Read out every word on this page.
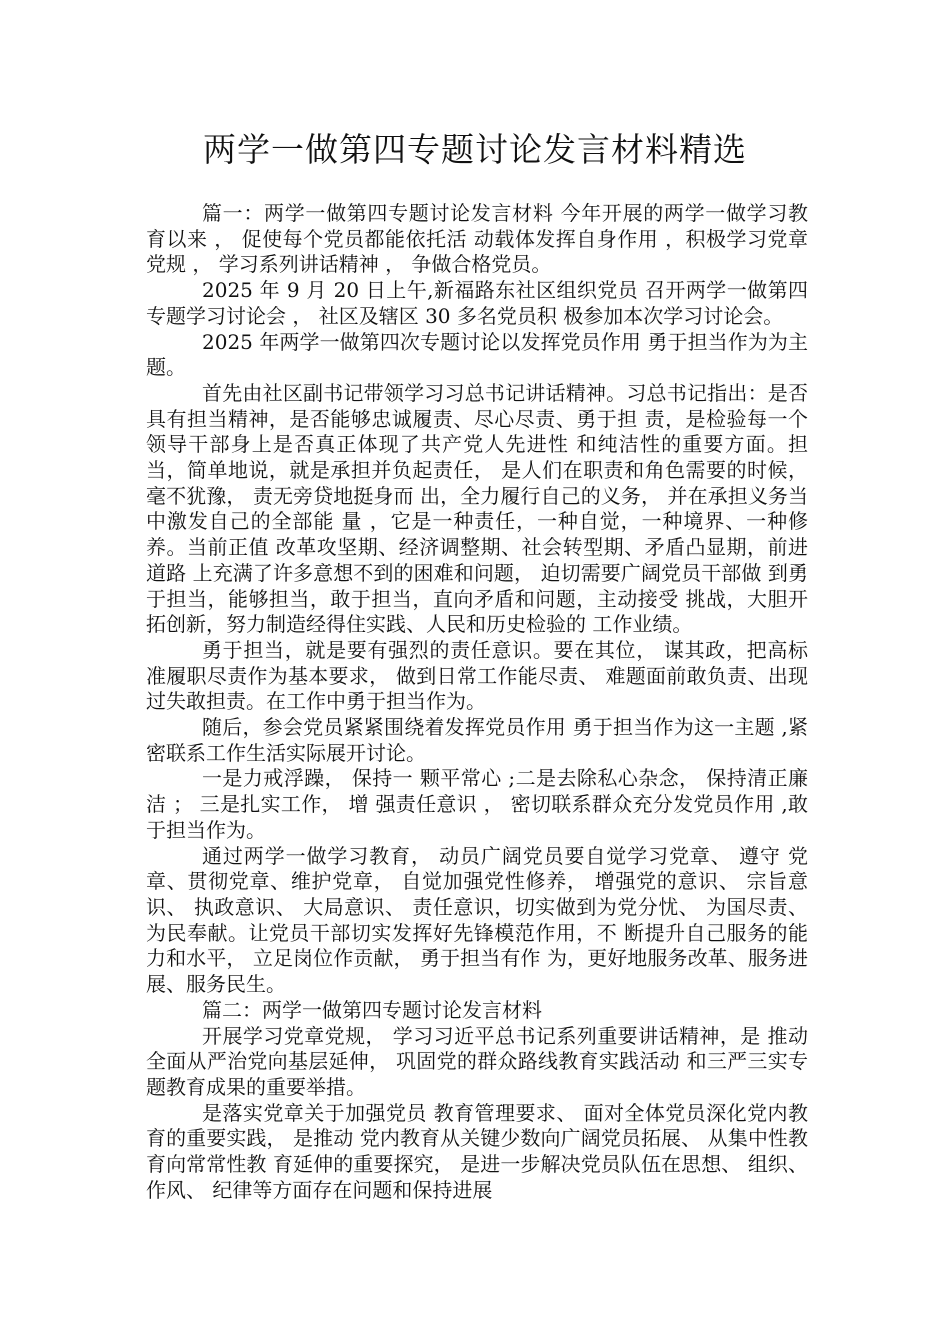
两学一做第四专题讨论发言材料精选

篇一：两学一做第四专题讨论发言材料 今年开展的两学一做学习教育以来 ， 促使每个党员都能依托活 动载体发挥自身作用 ，积极学习党章党规 ， 学习系列讲话精神 ， 争做合格党员。

2025 年 9 月 20 日上午,新福路东社区组织党员 召开两学一做第四专题学习讨论会 ， 社区及辖区 30 多名党员积 极参加本次学习讨论会。

2025 年两学一做第四次专题讨论以发挥党员作用 勇于担当作为为主题。

首先由社区副书记带领学习习总书记讲话精神。习总书记指出：是否具有担当精神，是否能够忠诚履责、尽心尽责、勇于担 责，是检验每一个领导干部身上是否真正体现了共产党人先进性 和纯洁性的重要方面。担当，简单地说，就是承担并负起责任， 是人们在职责和角色需要的时候， 毫不犹豫， 责无旁贷地挺身而 出，全力履行自己的义务， 并在承担义务当中激发自己的全部能 量 ，它是一种责任，一种自觉，一种境界、一种修养。当前正值 改革攻坚期、经济调整期、社会转型期、矛盾凸显期，前进道路 上充满了许多意想不到的困难和问题， 迫切需要广阔党员干部做 到勇于担当，能够担当，敢于担当，直向矛盾和问题，主动接受 挑战，大胆开拓创新，努力制造经得住实践、人民和历史检验的 工作业绩。

勇于担当，就是要有强烈的责任意识。要在其位， 谋其政，把高标准履职尽责作为基本要求， 做到日常工作能尽责、 难题面前敢负责、出现过失敢担责。在工作中勇于担当作为。

随后，参会党员紧紧围绕着发挥党员作用 勇于担当作为这一主题 ,紧密联系工作生活实际展开讨论。

一是力戒浮躁， 保持一 颗平常心 ;二是去除私心杂念， 保持清正廉洁 ； 三是扎实工作， 增 强责任意识 ， 密切联系群众充分发党员作用 ,敢于担当作为。

通过两学一做学习教育， 动员广阔党员要自觉学习党章、 遵守 党章、贯彻党章、维护党章， 自觉加强党性修养， 增强党的意识、 宗旨意识、 执政意识、 大局意识、 责任意识，切实做到为党分忧、 为国尽责、为民奉献。让党员干部切实发挥好先锋模范作用，不 断提升自己服务的能力和水平， 立足岗位作贡献， 勇于担当有作 为，更好地服务改革、服务进展、服务民生。

篇二：两学一做第四专题讨论发言材料

开展学习党章党规， 学习习近平总书记系列重要讲话精神，是 推动全面从严治党向基层延伸， 巩固党的群众路线教育实践活动 和三严三实专题教育成果的重要举措。

是落实党章关于加强党员 教育管理要求、 面对全体党员深化党内教育的重要实践， 是推动 党内教育从关键少数向广阔党员拓展、 从集中性教育向常常性教 育延伸的重要探究， 是进一步解决党员队伍在思想、 组织、作风、 纪律等方面存在问题和保持进展
